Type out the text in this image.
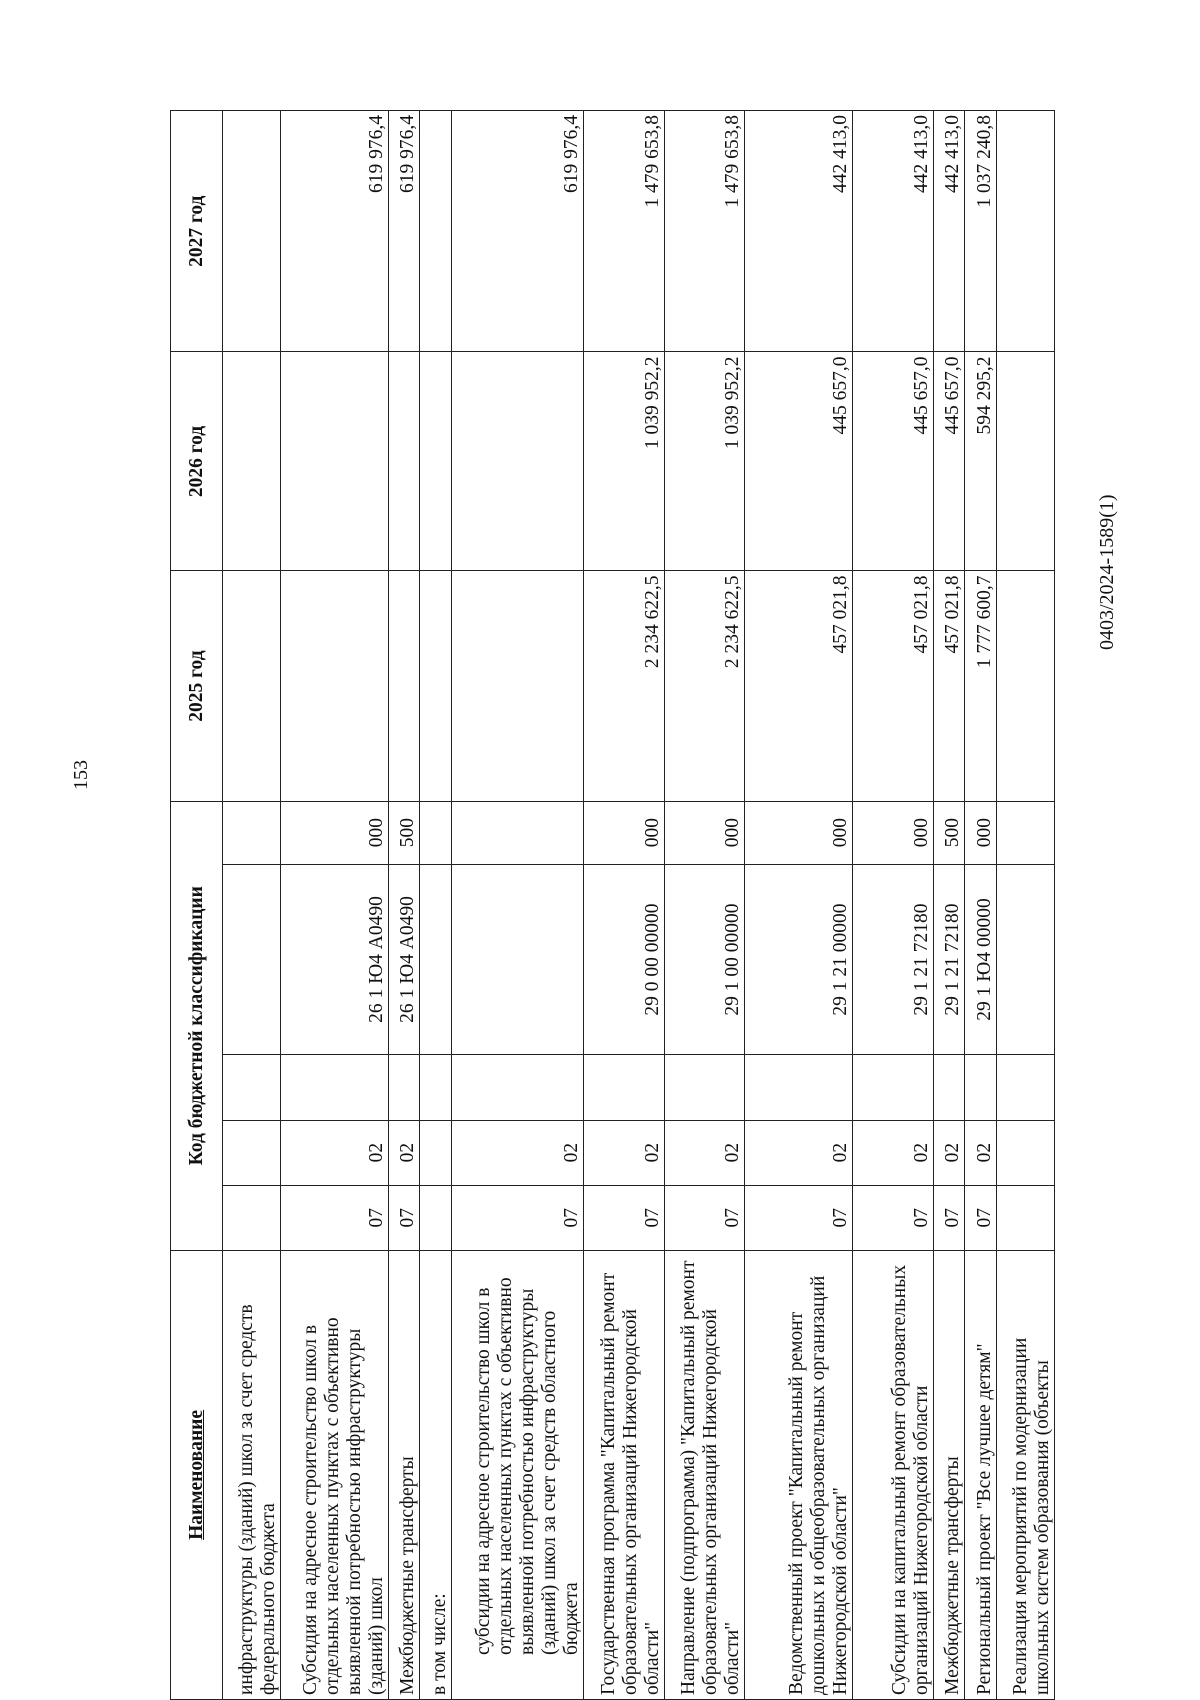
153
Наименование	Код бюджетной классификации					2025 год	2026 год	2027 год
инфраструктуры (зданий) школ за счет средств федерального бюджета								
Субсидия на адресное строительство школ в отдельных населенных пунктах с объективно выявленной потребностью инфраструктуры (зданий) школ	07	02		26 1 Ю4 А0490	000			619 976,4
Межбюджетные трансферты	07	02		26 1 Ю4 А0490	500			619 976,4
в том числе:								

субсидии на адресное строительство школ в отдельных населенных пунктах с объективно выявленной потребностью инфраструктуры (зданий) школ за счет средств областного бюджета	07	02						619 976,4
Государственная программа "Капитальный ремонт образовательных организаций Нижегородской области"	07	02		29 0 00 00000	000	2 234 622,5	1 039 952,2	1 479 653,8
Направление (подпрограмма) "Капитальный ремонт образовательных организаций Нижегородской области"	07	02		29 1 00 00000	000	2 234 622,5	1 039 952,2	1 479 653,8
Ведомственный проект "Капитальный ремонт дошкольных и общеобразовательных организаций Нижегородской области"	07	02		29 1 21 00000	000	457 021,8	445 657,0	442 413,0
Субсидии на капитальный ремонт образовательных организаций Нижегородской области	07	02		29 1 21 72180	000	457 021,8	445 657,0	442 413,0
Межбюджетные трансферты	07	02		29 1 21 72180	500	457 021,8	445 657,0	442 413,0
Региональный проект "Все лучшее детям"	07	02		29 1 Ю4 00000	000	1 777 600,7	594 295,2	1 037 240,8
Реализация мероприятий по модернизации школьных систем образования (объекты								
0403/2024-1589(1)
